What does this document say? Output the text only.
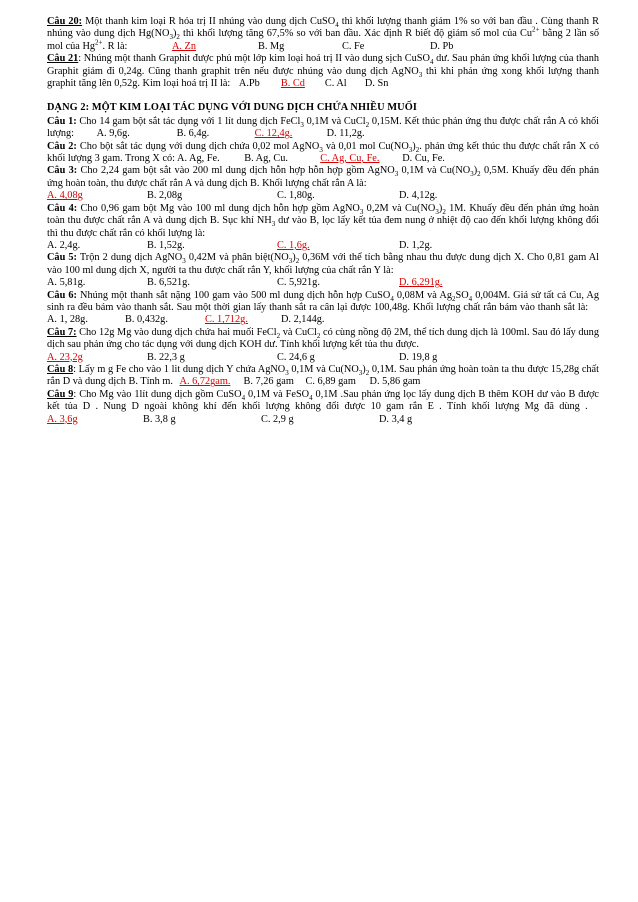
Câu 20: Một thanh kim loại R hóa trị II nhúng vào dung dịch CuSO$_4$ thì khối lượng thanh giảm 1% so với ban đầu . Cùng thanh R nhúng vào dung dịch $Hg(NO_3)_2$ thì khối lượng tăng 67,5% so với ban đầu. Xác định R biết độ giảm số mol của $Cu^{2+}$ bằng 2 lần số mol của $Hg^{2+}$. R là:	A. Zn	B. Mg	C. Fe	D. Pb

Câu 21: Nhúng một thanh Graphit được phủ một lớp kim loại hoá trị II vào dung sịch CuSO$_4$ dư. Sau phản ứng khối lượng của thanh Graphit giảm đi 0,24g. Cũng thanh graphit trên nếu được nhúng vào dung dịch AgNO$_3$ thì khi phản ứng xong khối lượng thanh graphit tăng lên 0,52g. Kim loại hoá trị II là: A.Pb B. Cd C. Al D. Sn

DẠNG 2: MỘT KIM LOẠI TÁC DỤNG VỚI DUNG DỊCH CHỨA NHIỀU MUỐI

Câu 1: Cho 14 gam bột sắt tác dụng với 1 lít dung dịch FeCl$_3$ 0,1M và CuCl$_2$ 0,15M. Kết thúc phản ứng thu được chất rắn A có khối lượng: A. 9,6g.	B. 6,4g.	C. 12,4g.	D. 11,2g.

Câu 2: Cho bột sắt tác dụng với dung dịch chứa 0,02 mol AgNO$_3$ và 0,01 mol $Cu(NO_3)_2$. phản ứng kết thúc thu được chất rắn X có khối lượng 3 gam. Trong X có: A. Ag, Fe. B. Ag, Cu.	C. Ag, Cu, Fe. D. Cu, Fe.

Câu 3: Cho 2,24 gam bột sắt vào 200 ml dung dịch hỗn hợp hỗn hợp gồm AgNO$_3$ 0,1M và $Cu(NO_3)_2$ 0,5M. Khuấy đều đến phản ứng hoàn toàn, thu được chất rắn A và dung dịch B. Khối lượng chất rắn A là:
A. 4,08g	B. 2,08g	C. 1,80g.	D. 4,12g.

Câu 4: Cho 0,96 gam bột Mg vào 100 ml dung dịch hỗn hợp gồm AgNO$_3$ 0,2M và $Cu(NO_3)_2$ 1M. Khuấy đều đến phản ứng hoàn toàn thu được chất rắn A và dung dịch B. Sục khí $NH_3$ dư vào B, lọc lấy kết tủa đem nung ở nhiệt độ cao đến khối lượng không đổi thì thu được chất rắn có khối lượng là:
A. 2,4g.	B. 1,52g.	C. 1,6g.	D. 1,2g.

Câu 5: Trộn 2 dung dịch AgNO$_3$ 0,42M và phân $biệt(NO_3)_2$ 0,36M với thể tích bằng nhau thu được dung dịch X. Cho 0,81 gam Al vào 100 ml dung dịch X, người ta thu được chất rắn Y, khối lượng của chất rắn Y là:
A. 5,81g.	B. 6,521g.	C. 5,921g.	D. 6,291g.

Câu 6: Nhúng một thanh sắt nặng 100 gam vào 500 ml dung dịch hỗn hợp CuSO$_4$ 0,08M và $Ag_2SO_4$ 0,004M. Giả sử tất cả Cu, Ag sinh ra đều bám vào thanh sắt. Sau một thời gian lấy thanh sắt ra cân lại được 100,48g. Khối lượng chất rắn bám vào thanh sắt là: A. 1, 28g.	B. 0,432g.	C. 1,712g.	D. 2,144g.

Câu 7: Cho 12g Mg vào dung dịch chứa hai muối FeCl$_2$ và CuCl$_2$ có cùng nồng độ 2M, thể tích dung dịch là 100ml. Sau đó lấy dung dịch sau phản ứng cho tác dụng với dung dịch KOH dư. Tính khối lượng kết tủa thu được.
A. 23,2g	B. 22,3 g	C. 24,6 g	D. 19,8 g

Câu 8: Lấy m g Fe cho vào 1 lit dung dịch Y chứa AgNO$_3$ 0,1M và $Cu(NO_3)_2$ 0,1M. Sau phản ứng hoàn toàn ta thu được 15,28g chất rắn D và dung dịch B. Tính m. A. 6,72gam. B. 7,26 gam C. 6,89 gam D. 5,86 gam

Câu 9: Cho Mg vào 1lít dung dịch gồm CuSO$_4$ 0,1M và FeSO$_4$ 0,1M .Sau phản ứng lọc lấy dung dịch B thêm KOH dư vào B được kết tủa D . Nung D ngoài không khí đến khối lượng không đổi được 10 gam rắn E . Tính khối lượng Mg đã dùng . A. 3,6g	B. 3,8 g	C. 2,9 g	D. 3,4 g
